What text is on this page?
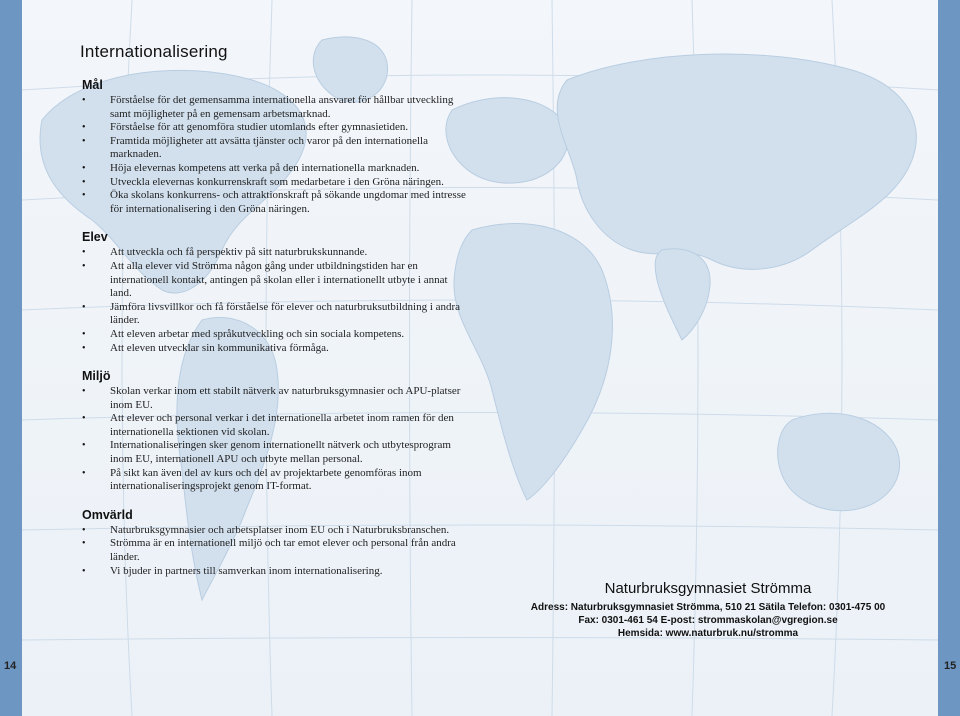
Internationalisering
Mål
• Förståelse för det gemensamma internationella ansvaret för hållbar utveckling samt möjligheter på en gemensam arbetsmarknad.
• Förståelse för att genomföra studier utomlands efter gymnasietiden.
• Framtida möjligheter att avsätta tjänster och varor på den internationella marknaden.
• Höja elevernas kompetens att verka på den internationella marknaden.
• Utveckla elevernas konkurrenskraft som medarbetare i den Gröna näringen.
• Öka skolans konkurrens- och attraktionskraft på sökande ungdomar med intresse för internationalisering i den Gröna näringen.
Elev
• Att utveckla och få perspektiv på sitt naturbrukskunnande.
• Att alla elever vid Strömma någon gång under utbildningstiden har en internationell kontakt, antingen på skolan eller i internationellt utbyte i annat land.
• Jämföra livsvillkor och få förståelse för elever och naturbruksutbildning i andra länder.
• Att eleven arbetar med språkutveckling och sin sociala kompetens.
• Att eleven utvecklar sin kommunikativa förmåga.
Miljö
• Skolan verkar inom ett stabilt nätverk av naturbruksgymnasier och APU-platser inom EU.
• Att elever och personal verkar i det internationella arbetet inom ramen för den internationella sektionen vid skolan.
• Internationaliseringen sker genom internationellt nätverk och utbytesprogram inom EU, internationell APU och utbyte mellan personal.
• På sikt kan även del av kurs och del av projektarbete genomföras inom internationaliseringsprojekt genom IT-format.
Omvärld
• Naturbruksgymnasier och arbetsplatser inom EU och i Naturbruksbranschen.
• Strömma är en internationell miljö och tar emot elever och personal från andra länder.
• Vi bjuder in partners till samverkan inom internationalisering.
Naturbruksgymnasiet Strömma
Adress: Naturbruksgymnasiet Strömma, 510 21 Sätila Telefon: 0301-475 00
Fax: 0301-461 54 E-post: strommaskolan@vgregion.se
Hemsida: www.naturbruk.nu/stromma
14	15
